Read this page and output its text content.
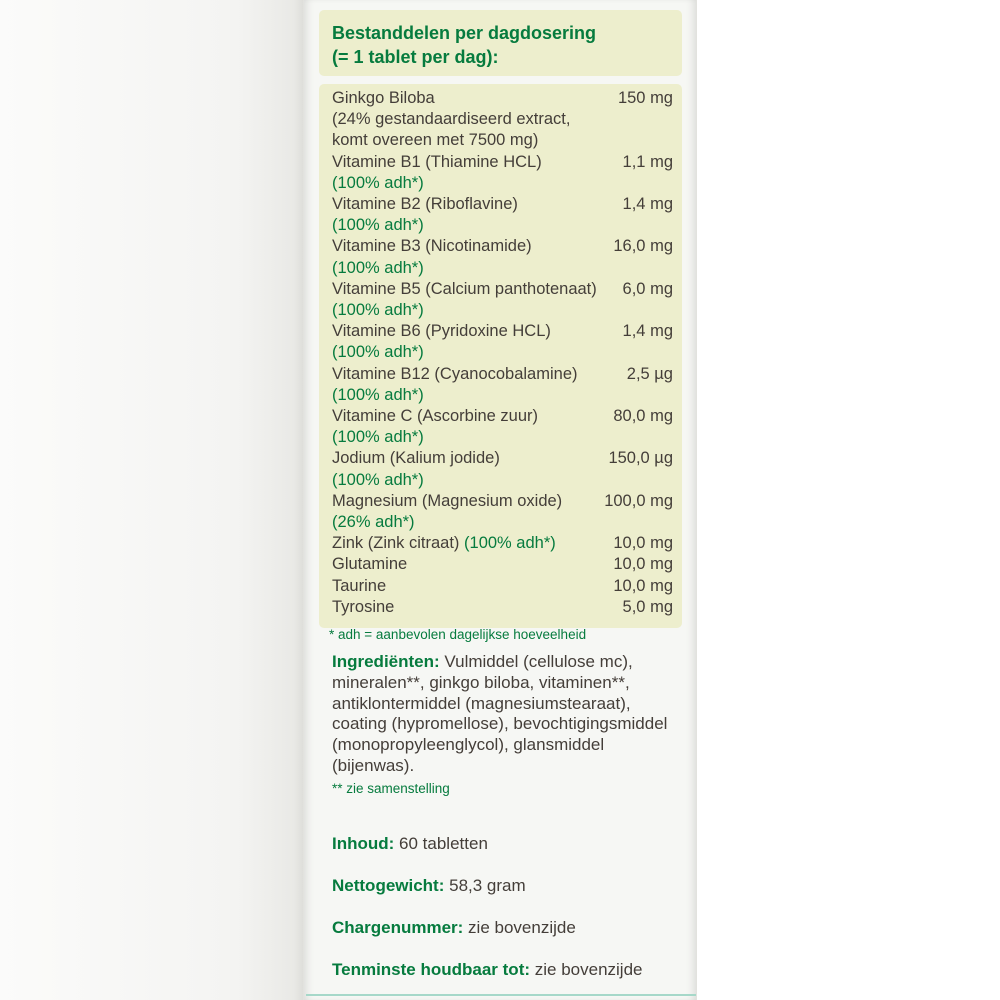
Bestanddelen per dagdosering
(= 1 tablet per dag):
Ginkgo Biloba	150 mg
(24% gestandaardiseerd extract,
komt overeen met 7500 mg)
Vitamine B1 (Thiamine HCL)	1,1 mg
(100% adh*)
Vitamine B2 (Riboflavine)	1,4 mg
(100% adh*)
Vitamine B3 (Nicotinamide)	16,0 mg
(100% adh*)
Vitamine B5 (Calcium panthotenaat) 6,0 mg
(100% adh*)
Vitamine B6 (Pyridoxine HCL)	1,4 mg
(100% adh*)
Vitamine B12 (Cyanocobalamine)	2,5 µg
(100% adh*)
Vitamine C (Ascorbine zuur)	80,0 mg
(100% adh*)
Jodium (Kalium jodide)	150,0 µg
(100% adh*)
Magnesium (Magnesium oxide)	100,0 mg
(26% adh*)
Zink (Zink citraat) (100% adh*)	10,0 mg
Glutamine	10,0 mg
Taurine	10,0 mg
Tyrosine	5,0 mg
* adh = aanbevolen dagelijkse hoeveelheid
Ingrediënten: Vulmiddel (cellulose mc), mineralen**, ginkgo biloba, vitaminen**, antiklontermiddel (magnesiumstearaat), coating (hypromellose), bevochtigingsmiddel (monopropyleenglycol), glansmiddel (bijenwas).
** zie samenstelling
Inhoud: 60 tabletten
Nettogewicht: 58,3 gram
Chargenummer: zie bovenzijde
Tenminste houdbaar tot: zie bovenzijde
